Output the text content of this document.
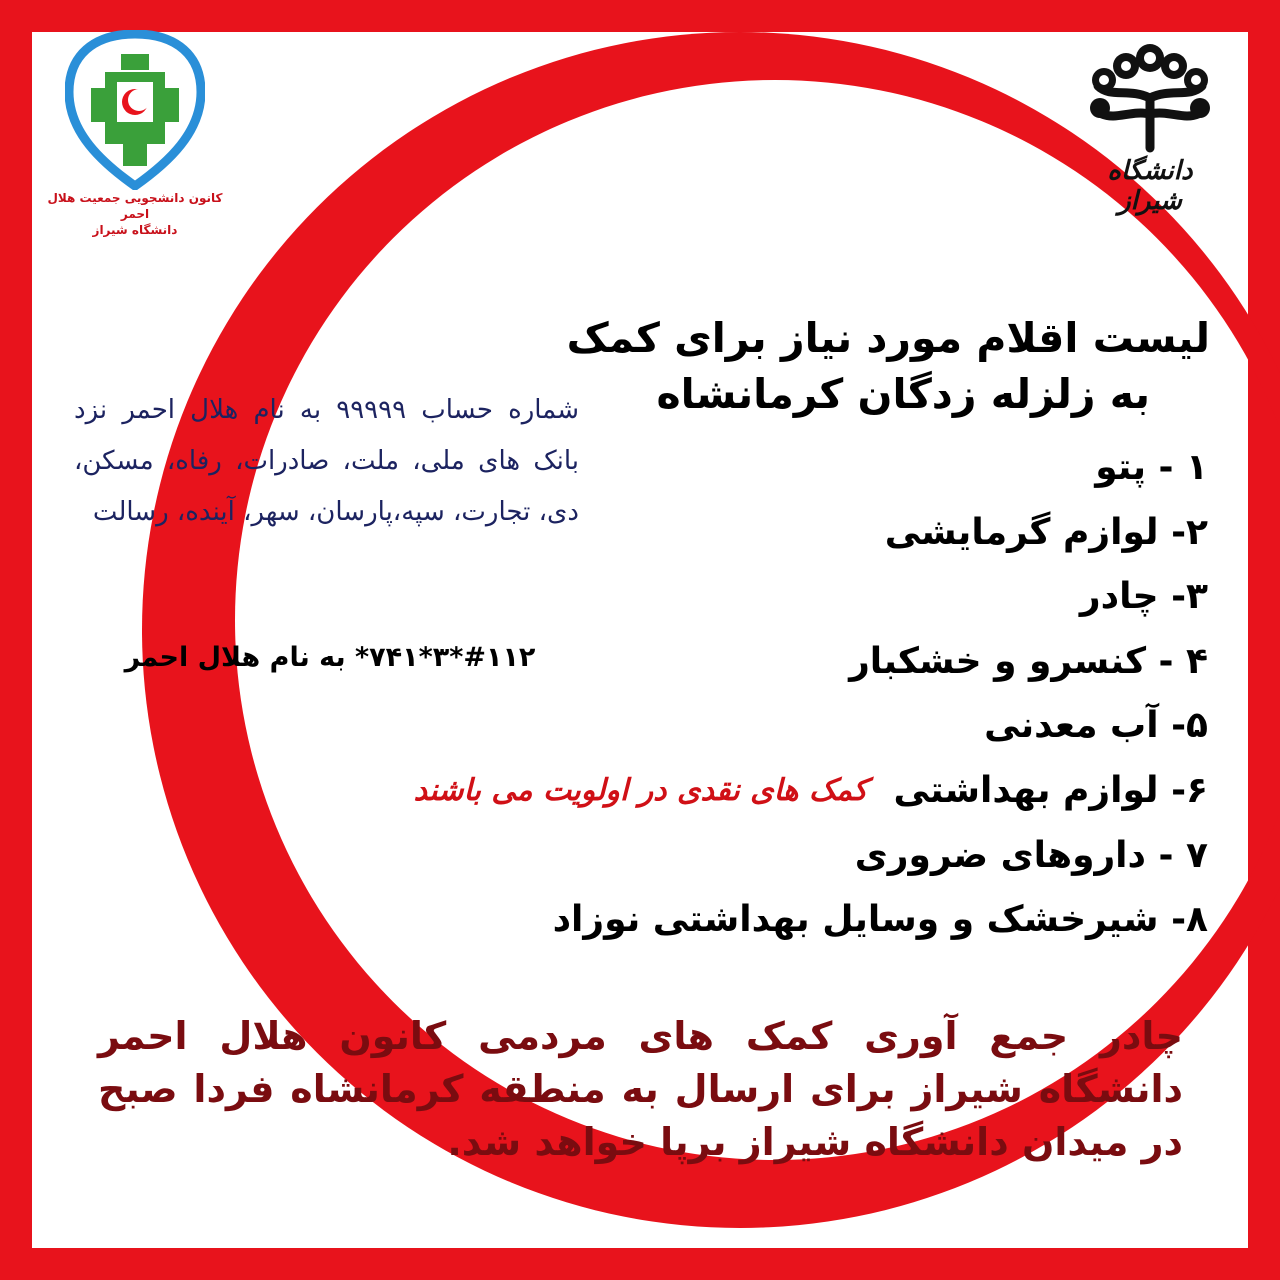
کانون دانشجویی جمعیت هلال احمر
دانشگاه شیراز
دانشگاه شیراز
لیست اقلام مورد نیاز برای کمک
به زلزله زدگان کرمانشاه
۱ - پتو
۲- لوازم گرمایشی
۳- چادر
۴ - کنسرو و خشکبار
۵- آب معدنی
۶- لوازم بهداشتیکمک های نقدی در اولویت می باشند
۷ - داروهای ضروری
۸- شیرخشک و وسایل بهداشتی نوزاد
شماره حساب ۹۹۹۹۹ به نام هلال احمر نزد بانک های ملی، ملت، صادرات، رفاه، مسکن، دی، تجارت، سپه،پارسان، سهر، آینده، رسالت
#۱۱۲*۳*۷۴۱* به نام هلال احمر
چادر جمع آوری کمک های مردمی کانون هلال احمر دانشگاه شیراز برای ارسال به منطقه کرمانشاه فردا صبح در میدان دانشگاه شیراز برپا خواهد شد.
